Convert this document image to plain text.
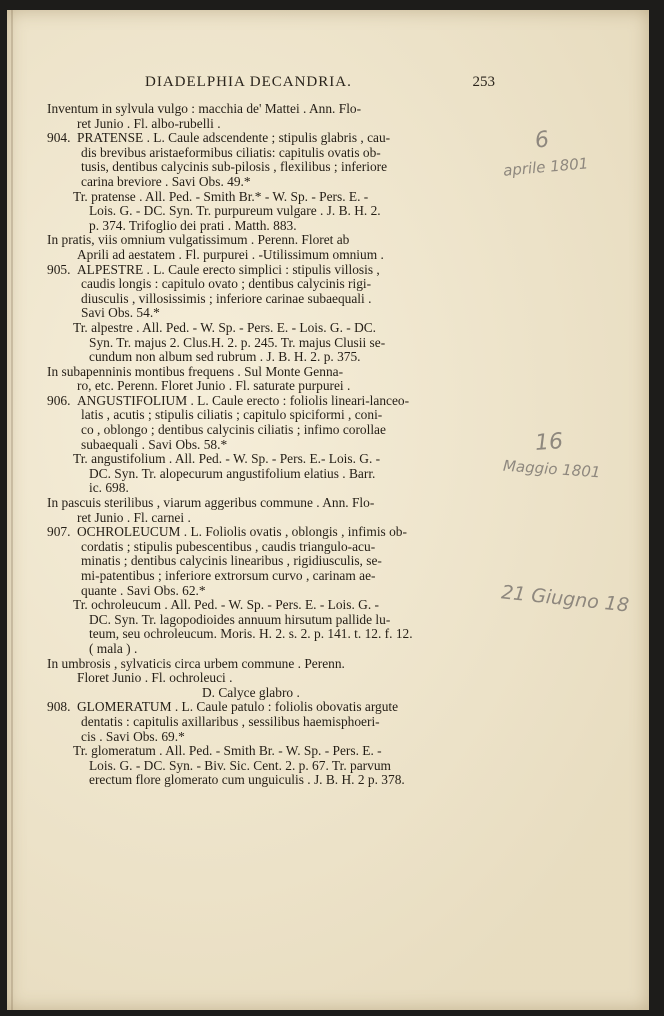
DIADELPHIA DECANDRIA.	253
Inventum in sylvula vulgo : macchia de' Mattei . Ann. Flo-
ret Junio . Fl. albo-rubelli .
904. PRATENSE . L. Caule adscendente ; stipulis glabris , cau-
dis brevibus aristaeformibus ciliatis: capitulis ovatis ob-
tusis, dentibus calycinis sub-pilosis , flexilibus ; inferiore
carina breviore . Savi Obs. 49.*
Tr. pratense . All. Ped. - Smith Br.* - W. Sp. - Pers. E. -
Lois. G. - DC. Syn. Tr. purpureum vulgare . J. B. H. 2.
p. 374. Trifoglio dei prati . Matth. 883.
In pratis, viis omnium vulgatissimum . Perenn. Floret ab
Aprili ad aestatem . Fl. purpurei . -Utilissimum omnium .
905. ALPESTRE . L. Caule erecto simplici : stipulis villosis ,
caudis longis : capitulo ovato ; dentibus calycinis rigi-
diusculis , villosissimis ; inferiore carinae subaequali .
Savi Obs. 54.*
Tr. alpestre . All. Ped. - W. Sp. - Pers. E. - Lois. G. - DC.
Syn. Tr. majus 2. Clus.H. 2. p. 245. Tr. majus Clusii se-
cundum non album sed rubrum . J. B. H. 2. p. 375.
In subapenninis montibus frequens . Sul Monte Genna-
ro, etc. Perenn. Floret Junio . Fl. saturate purpurei .
906. ANGUSTIFOLIUM . L. Caule erecto : foliolis lineari-lanceo-
latis , acutis ; stipulis ciliatis ; capitulo spiciformi , coni-
co , oblongo ; dentibus calycinis ciliatis ; infimo corollae
subaequali . Savi Obs. 58.*
Tr. angustifolium . All. Ped. - W. Sp. - Pers. E.- Lois. G. -
DC. Syn. Tr. alopecurum angustifolium elatius . Barr.
ic. 698.
In pascuis sterilibus , viarum aggeribus commune . Ann. Flo-
ret Junio . Fl. carnei .
907. OCHROLEUCUM . L. Foliolis ovatis , oblongis , infimis ob-
cordatis ; stipulis pubescentibus , caudis triangulo-acu-
minatis ; dentibus calycinis linearibus , rigidiusculis, se-
mi-patentibus ; inferiore extrorsum curvo , carinam ae-
quante . Savi Obs. 62.*
Tr. ochroleucum . All. Ped. - W. Sp. - Pers. E. - Lois. G. -
DC. Syn. Tr. lagopodioides annuum hirsutum pallide lu-
teum, seu ochroleucum. Moris. H. 2. s. 2. p. 141. t. 12. f. 12.
( mala ) .
In umbrosis , sylvaticis circa urbem commune . Perenn.
Floret Junio . Fl. ochroleuci .
D. Calyce glabro .
908. GLOMERATUM . L. Caule patulo : foliolis obovatis argute
dentatis : capitulis axillaribus , sessilibus haemisphoeri-
cis . Savi Obs. 69.*
Tr. glomeratum . All. Ped. - Smith Br. - W. Sp. - Pers. E. -
Lois. G. - DC. Syn. - Biv. Sic. Cent. 2. p. 67. Tr. parvum
erectum flore glomerato cum unguiculis . J. B. H. 2 p. 378.
6
aprile 1801
16
Maggio 1801
21 Giugno 18
